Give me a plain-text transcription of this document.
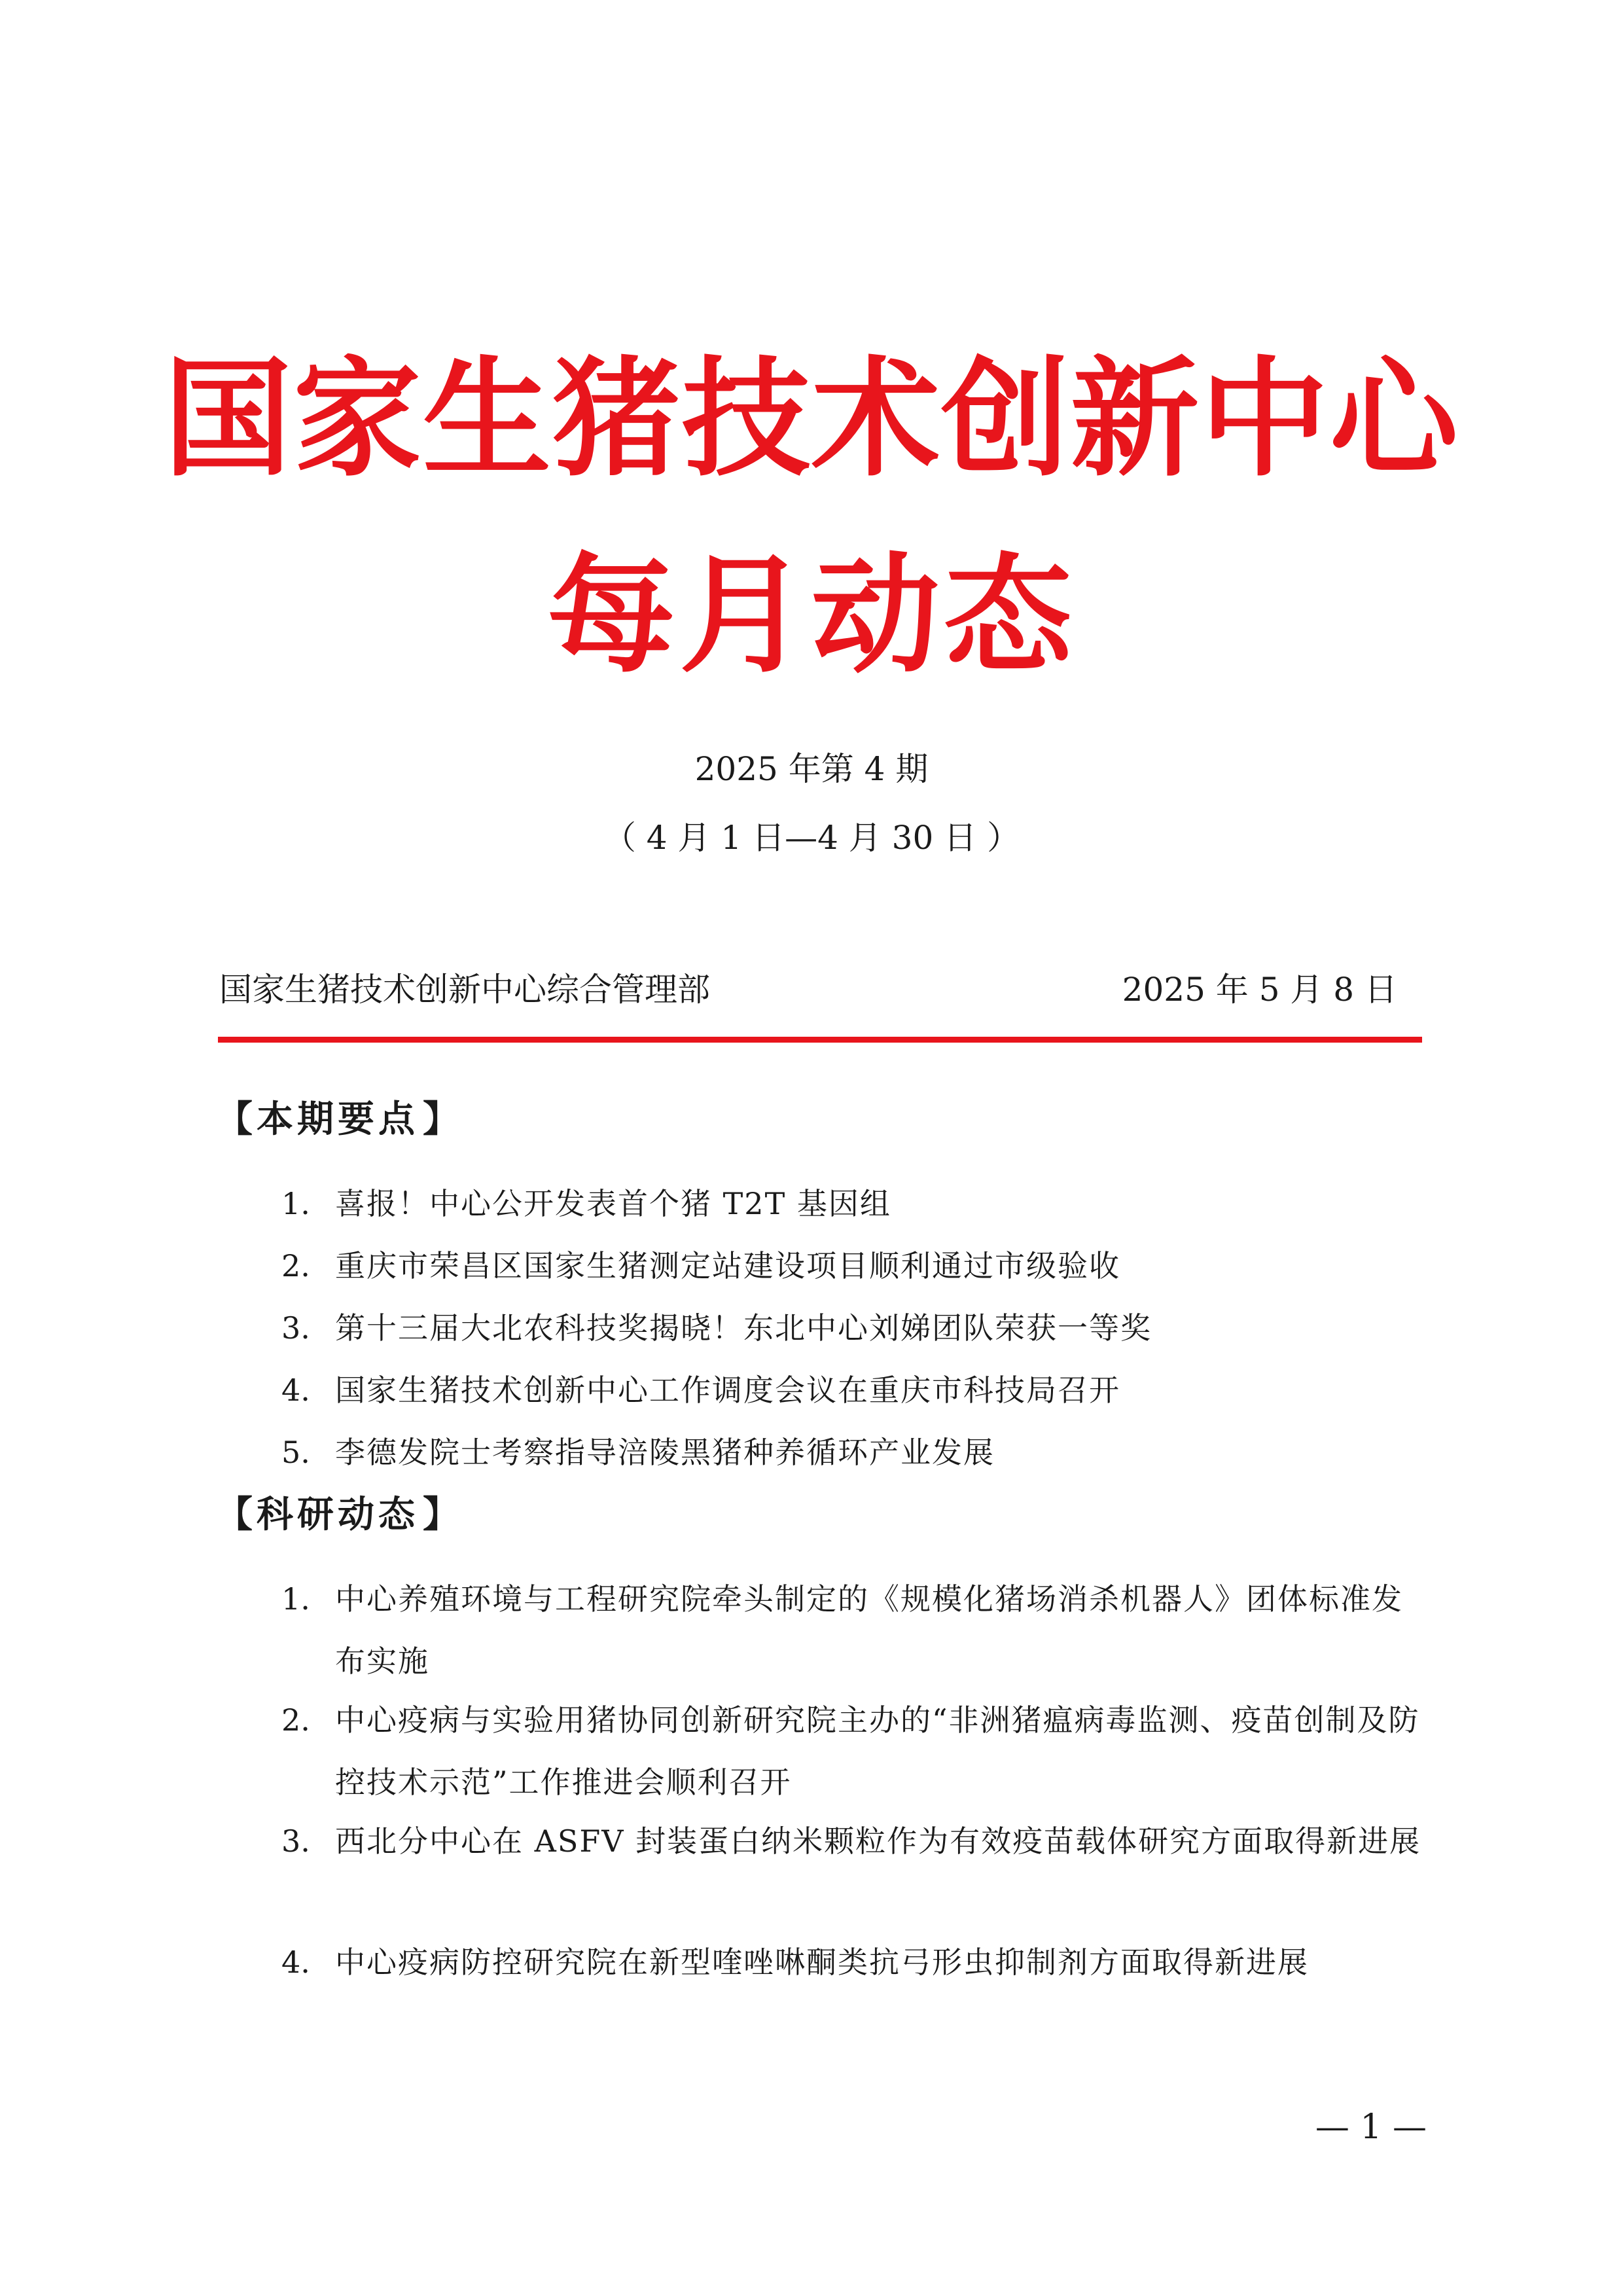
国家生猪技术创新中心
每月动态
2025 年第 4 期
（ 4 月 1 日—4 月 30 日 ）
国家生猪技术创新中心综合管理部	2025 年 5 月 8 日
【 本期要点 】
1. 喜报！中心公开发表首个猪 T2T 基因组
2. 重庆市荣昌区国家生猪测定站建设项目顺利通过市级验收
3. 第十三届大北农科技奖揭晓！东北中心刘娣团队荣获一等奖
4. 国家生猪技术创新中心工作调度会议在重庆市科技局召开
5. 李德发院士考察指导涪陵黑猪种养循环产业发展
【 科研动态 】
1. 中心养殖环境与工程研究院牵头制定的《规模化猪场消杀机器人》团体标准发布实施
2. 中心疫病与实验用猪协同创新研究院主办的“非洲猪瘟病毒监测、疫苗创制及防控技术示范”工作推进会顺利召开
3. 西北分中心在 ASFV 封装蛋白纳米颗粒作为有效疫苗载体研究方面取得新进展
4. 中心疫病防控研究院在新型喹唑啉酮类抗弓形虫抑制剂方面取得新进展
— 1 —
